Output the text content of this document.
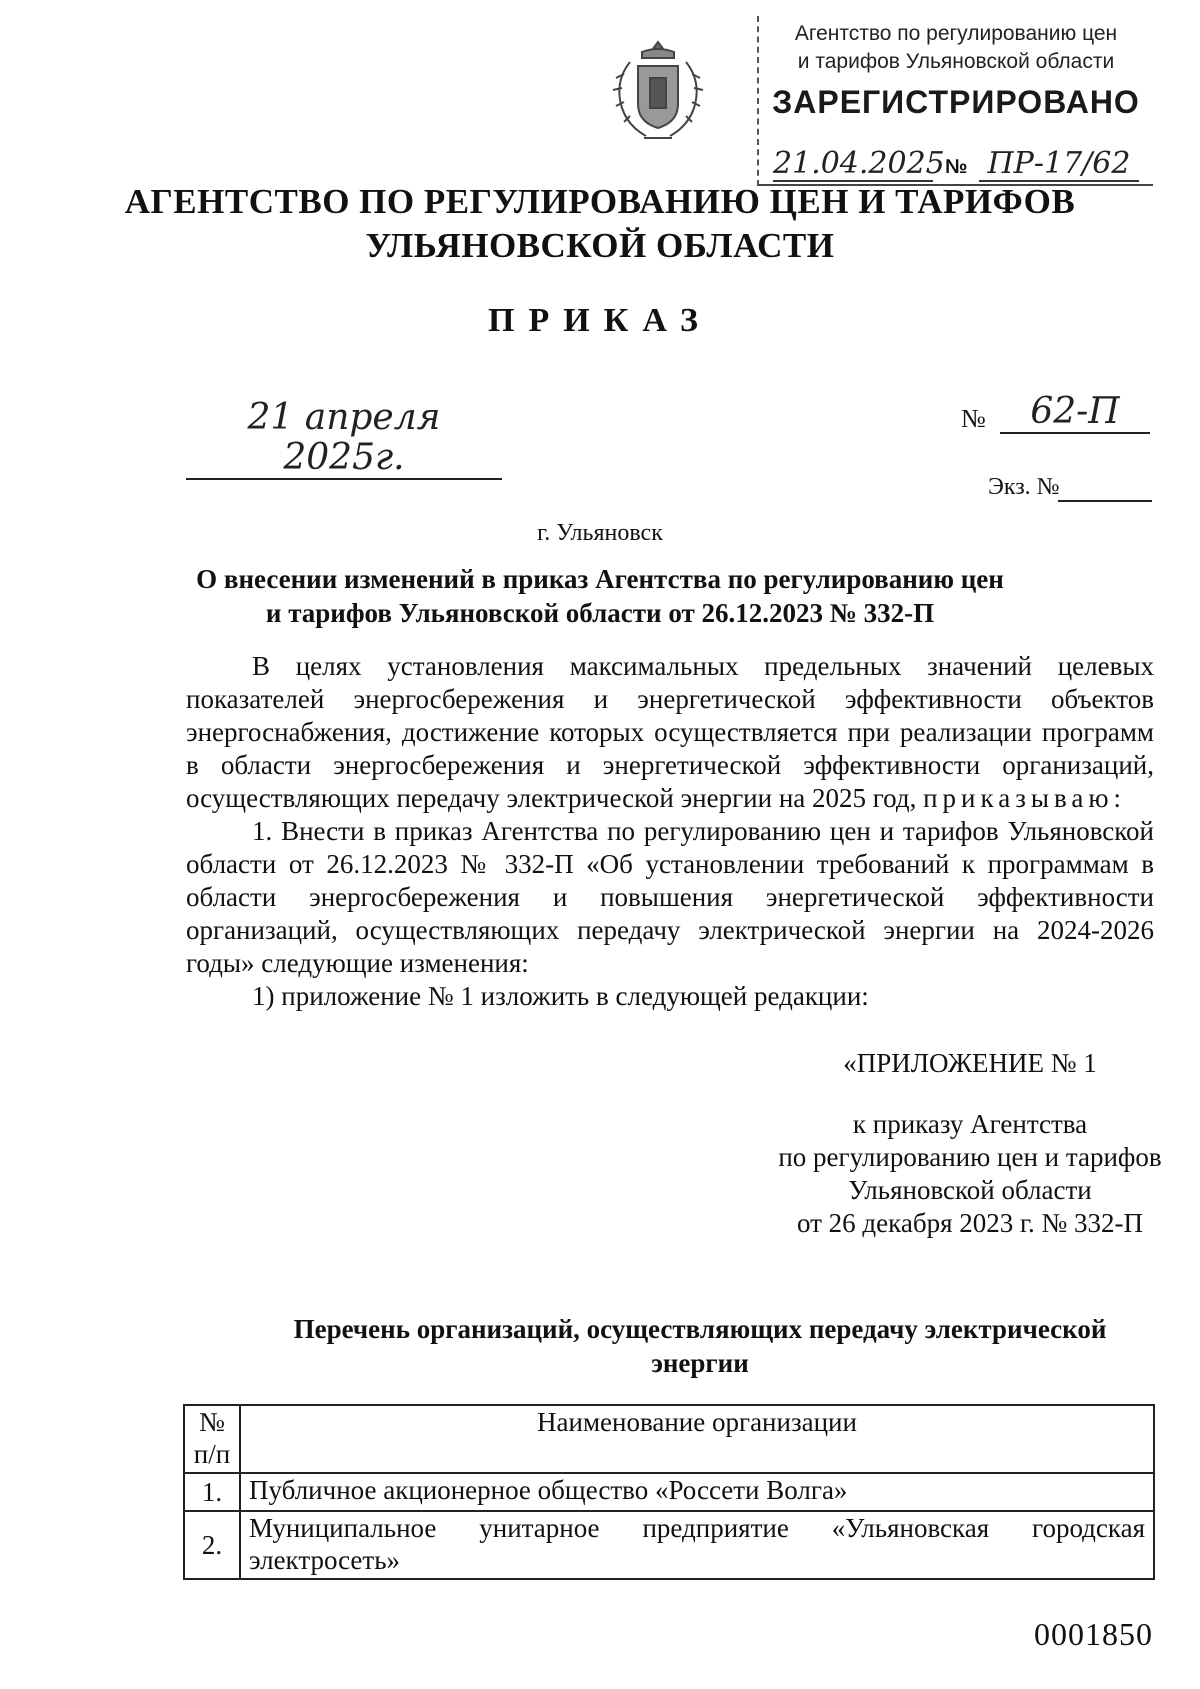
Агентство по регулированию цен
и тарифов Ульяновской области
ЗАРЕГИСТРИРОВАНО
21.04.2025 № ПР-17/62
АГЕНТСТВО ПО РЕГУЛИРОВАНИЮ ЦЕН И ТАРИФОВ
УЛЬЯНОВСКОЙ ОБЛАСТИ
ПРИКАЗ
21 апреля 2025г.
№	62-П
Экз. №
г. Ульяновск
О внесении изменений в приказ Агентства по регулированию цен
и тарифов Ульяновской области от 26.12.2023 № 332-П

В целях установления максимальных предельных значений целевых показателей энергосбережения и энергетической эффективности объектов энергоснабжения, достижение которых осуществляется при реализации программ в области энергосбережения и энергетической эффективности организаций, осуществляющих передачу электрической энергии на 2025 год, приказываю:

1. Внести в приказ Агентства по регулированию цен и тарифов Ульяновской области от 26.12.2023 № 332-П «Об установлении требований к программам в области энергосбережения и повышения энергетической эффективности организаций, осуществляющих передачу электрической энергии на 2024-2026 годы» следующие изменения:

1) приложение № 1 изложить в следующей редакции:

«ПРИЛОЖЕНИЕ № 1
к приказу Агентства
по регулированию цен и тарифов
Ульяновской области
от 26 декабря 2023 г. № 332-П
Перечень организаций, осуществляющих передачу электрической энергии
№ п/п	Наименование организации
1.	Публичное акционерное общество «Россети Волга»
2.	Муниципальное унитарное предприятие «Ульяновская городская электросеть»
0001850
